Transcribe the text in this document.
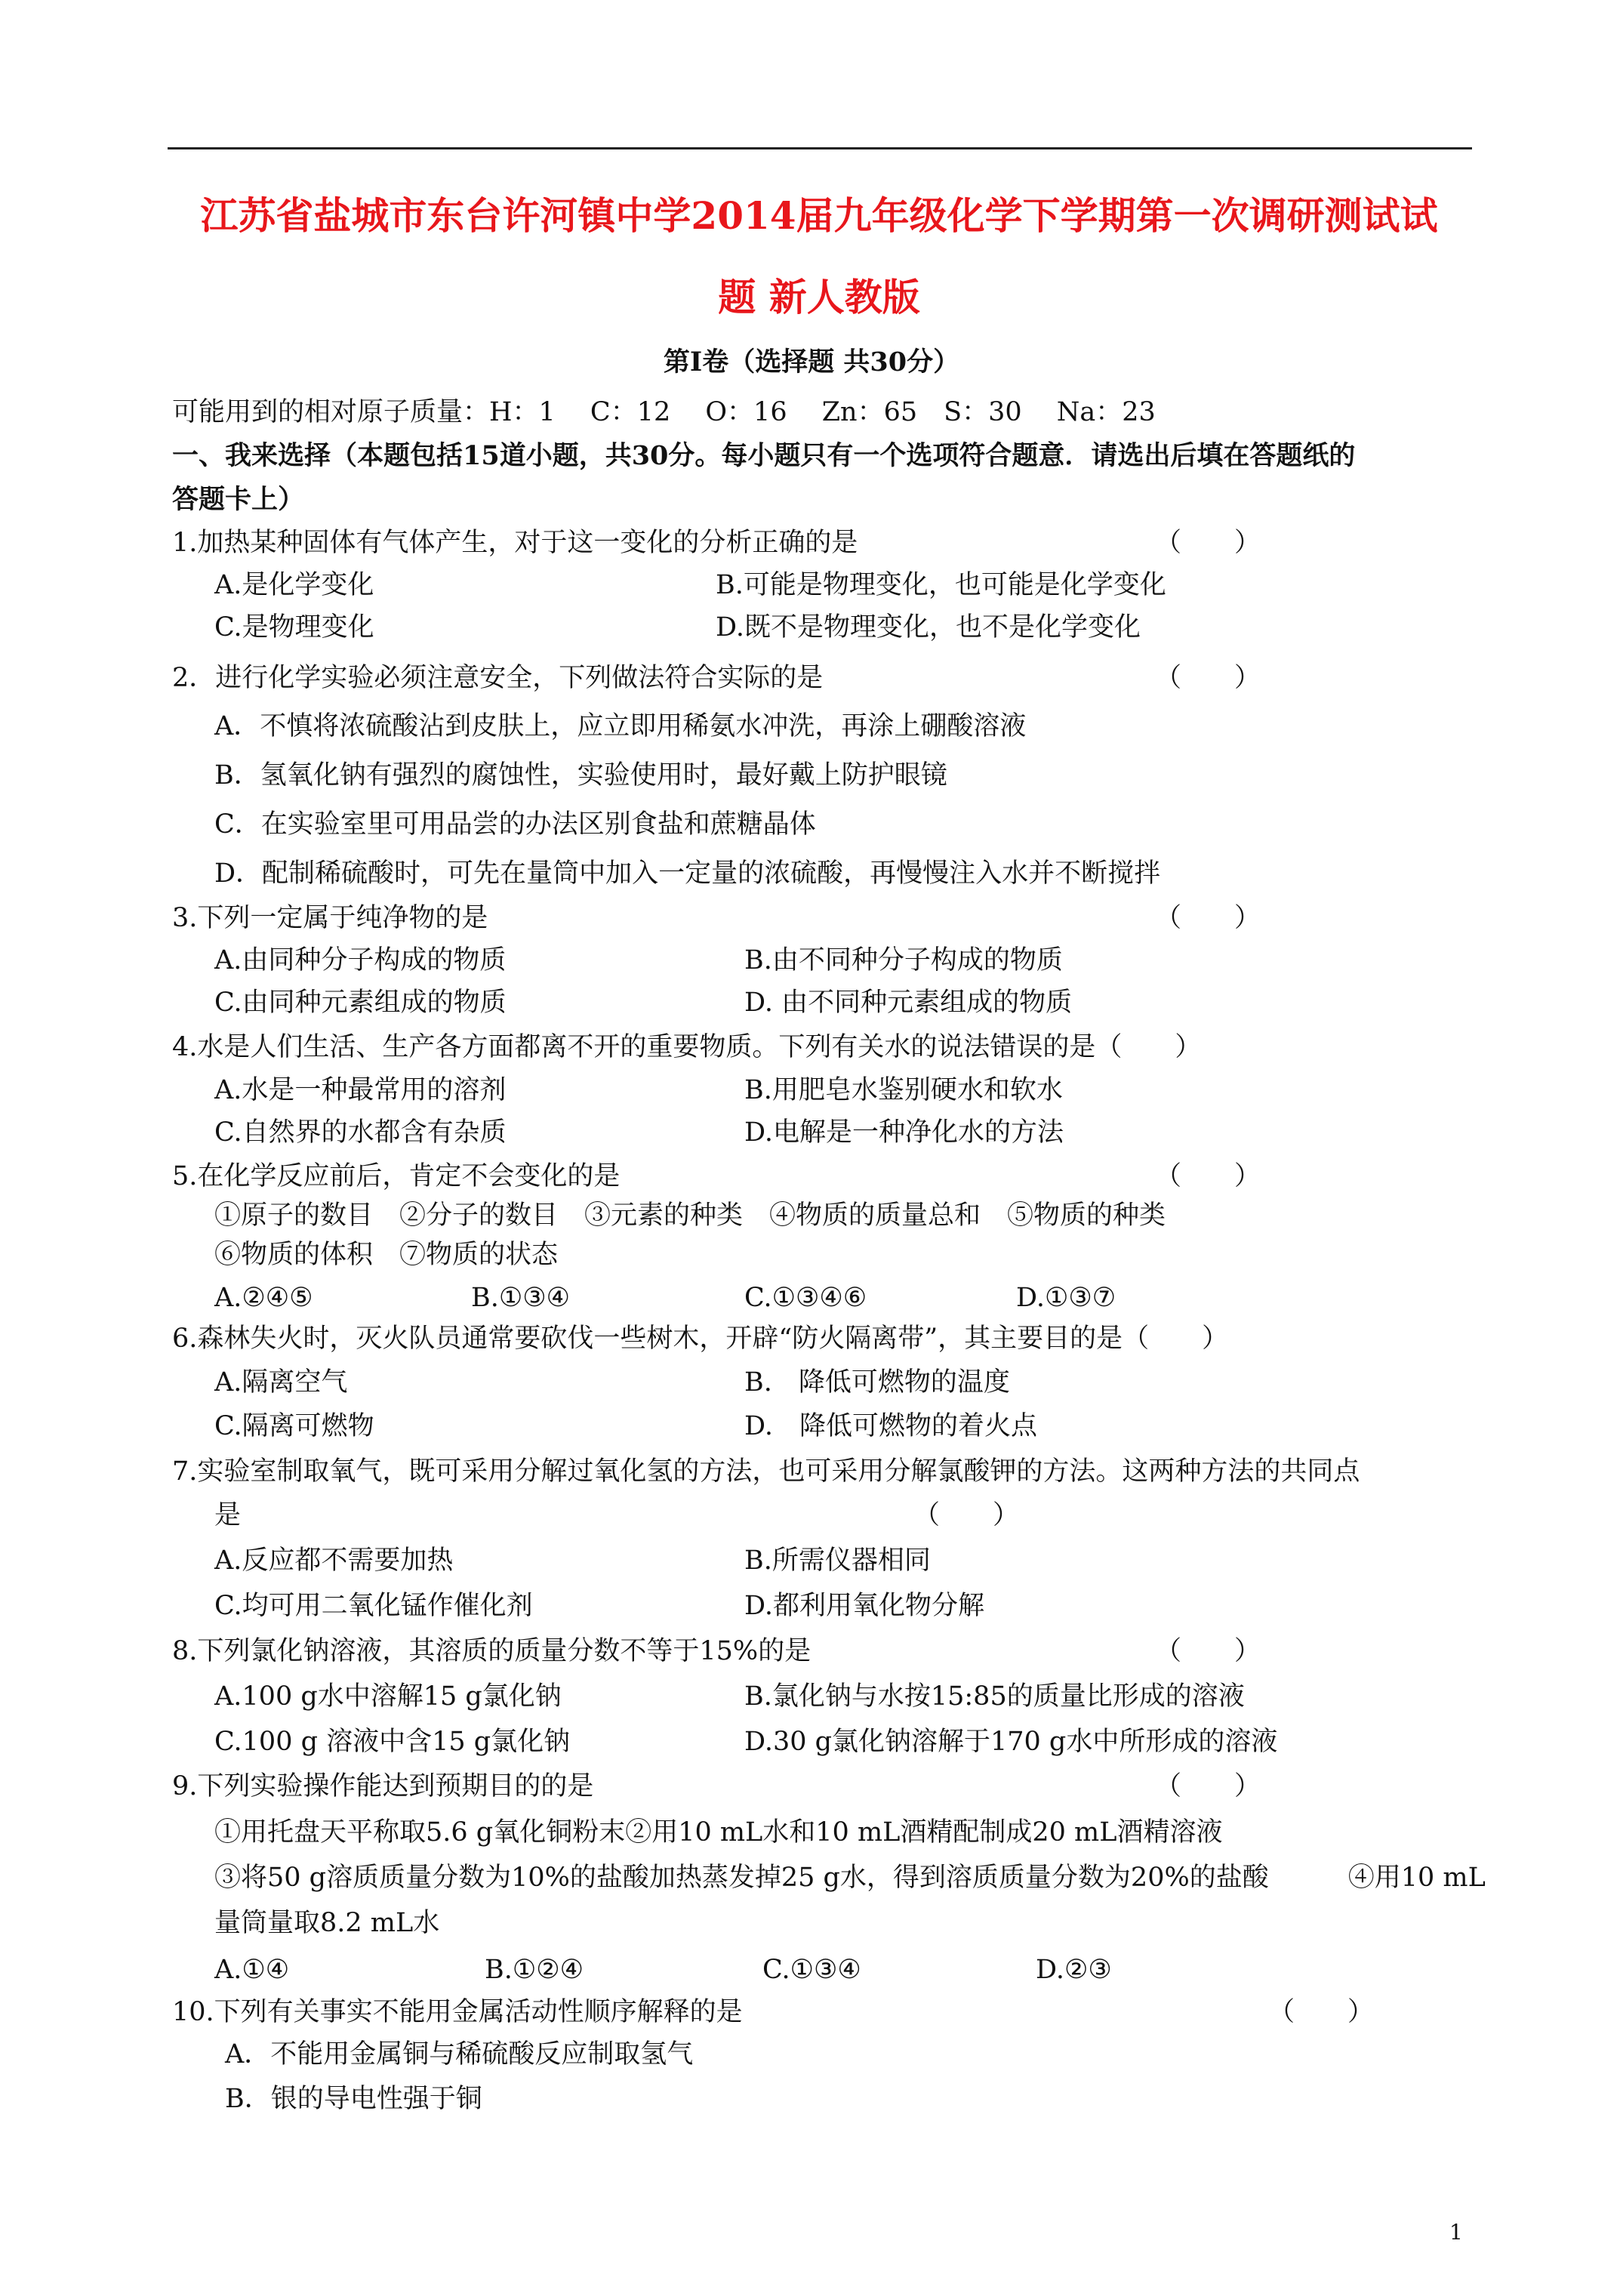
江苏省盐城市东台许河镇中学2014届九年级化学下学期第一次调研测试试
题 新人教版
第Ⅰ卷（选择题 共30分）
可能用到的相对原子质量：H：1　 C：12　 O：16　 Zn：65　S：30　 Na：23
一、我来选择（本题包括15道小题，共30分。每小题只有一个选项符合题意．请选出后填在答题纸的
答题卡上）
1.加热某种固体有气体产生，对于这一变化的分析正确的是	（　　）
A.是化学变化	B.可能是物理变化，也可能是化学变化
C.是物理变化	D.既不是物理变化，也不是化学变化
2．进行化学实验必须注意安全，下列做法符合实际的是	（　　）
A．不慎将浓硫酸沾到皮肤上，应立即用稀氨水冲洗，再涂上硼酸溶液
B．氢氧化钠有强烈的腐蚀性，实验使用时，最好戴上防护眼镜
C．在实验室里可用品尝的办法区别食盐和蔗糖晶体
D．配制稀硫酸时，可先在量筒中加入一定量的浓硫酸，再慢慢注入水并不断搅拌
3.下列一定属于纯净物的是	（　　）
A.由同种分子构成的物质	B.由不同种分子构成的物质
C.由同种元素组成的物质	D. 由不同种元素组成的物质
4.水是人们生活、生产各方面都离不开的重要物质。下列有关水的说法错误的是（　　）
A.水是一种最常用的溶剂	B.用肥皂水鉴别硬水和软水
C.自然界的水都含有杂质	D.电解是一种净化水的方法
5.在化学反应前后，肯定不会变化的是	（　　）
①原子的数目　②分子的数目　③元素的种类　④物质的质量总和　⑤物质的种类
⑥物质的体积　⑦物质的状态
A.②④⑤	B.①③④	C.①③④⑥	D.①③⑦
6.森林失火时，灭火队员通常要砍伐一些树木，开辟“防火隔离带”，其主要目的是（　　）
A.隔离空气	B.　降低可燃物的温度
C.隔离可燃物	D.　降低可燃物的着火点
7.实验室制取氧气，既可采用分解过氧化氢的方法，也可采用分解氯酸钾的方法。这两种方法的共同点
是	（　　）
A.反应都不需要加热	B.所需仪器相同
C.均可用二氧化锰作催化剂	D.都利用氧化物分解
8.下列氯化钠溶液，其溶质的质量分数不等于15%的是	（　　）
A.100 g水中溶解15 g氯化钠	B.氯化钠与水按15:85的质量比形成的溶液
C.100 g 溶液中含15 g氯化钠	D.30 g氯化钠溶解于170 g水中所形成的溶液
9.下列实验操作能达到预期目的的是	（　　）
①用托盘天平称取5.6 g氧化铜粉末②用10 mL水和10 mL酒精配制成20 mL酒精溶液
③将50 g溶质质量分数为10%的盐酸加热蒸发掉25 g水，得到溶质质量分数为20%的盐酸　　　④用10 mL
量筒量取8.2 mL水
A.①④	B.①②④	C.①③④	D.②③
10.下列有关事实不能用金属活动性顺序解释的是	（　　）
A．不能用金属铜与稀硫酸反应制取氢气
B．银的导电性强于铜
1
